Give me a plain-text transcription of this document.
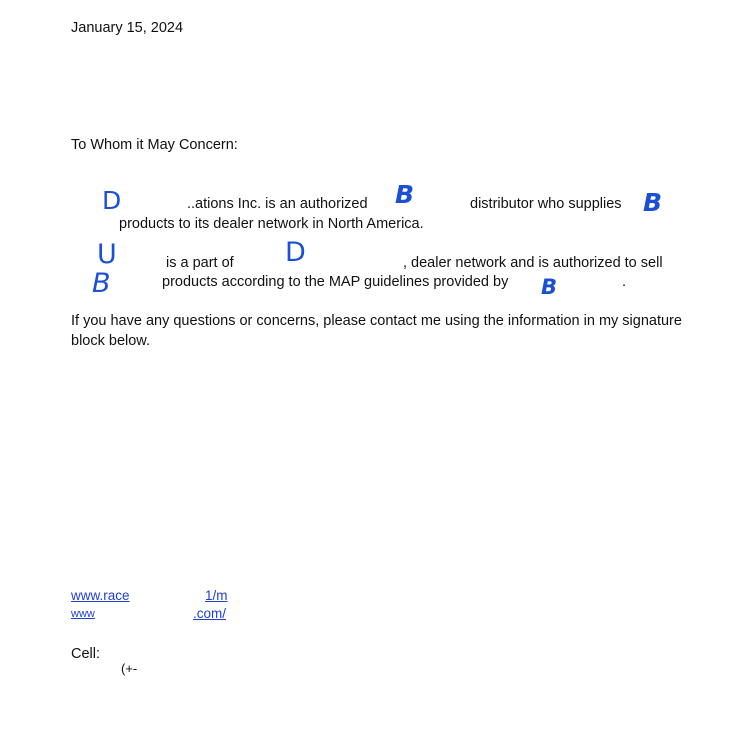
January 15, 2024

To Whom it May Concern:

D	..ations Inc. is an authorized B	distributor who supplies B

products to its dealer network in North America.

U	is a part of D	, dealer network and is authorized to sell

B	products according to the MAP guidelines provided by B	.

If you have any questions or concerns, please contact me using the information in my signature

block below.

www.race	1/m
www	.com/

Cell:

(+-
